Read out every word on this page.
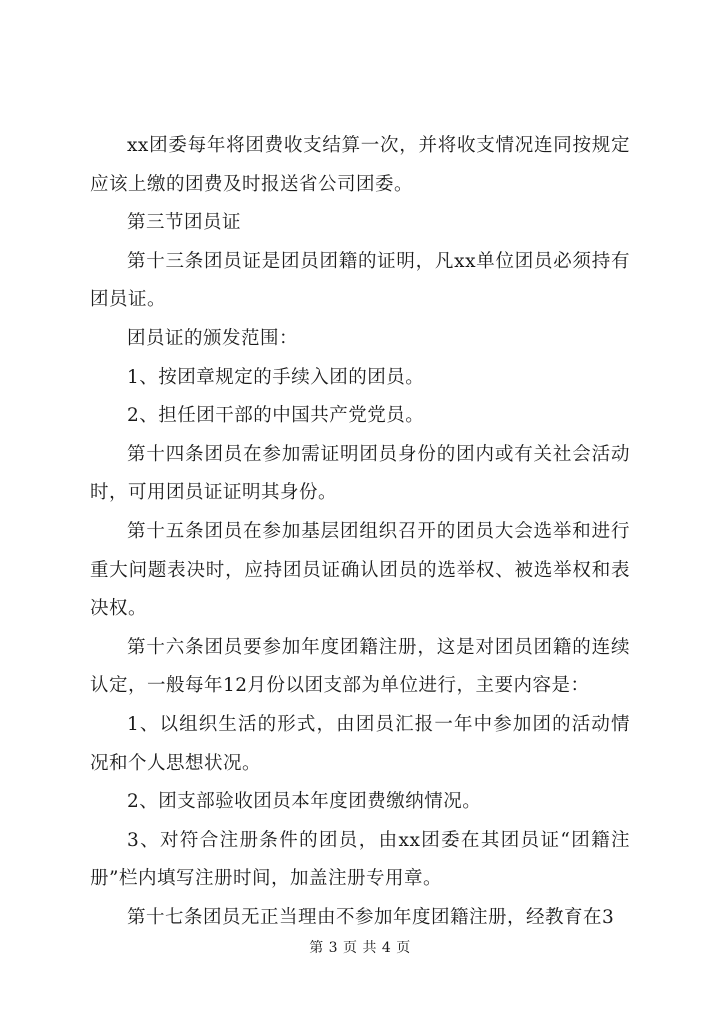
xx团委每年将团费收支结算一次，并将收支情况连同按规定应该上缴的团费及时报送省公司团委。

第三节团员证

第十三条团员证是团员团籍的证明，凡xx单位团员必须持有团员证。

团员证的颁发范围：

1、按团章规定的手续入团的团员。

2、担任团干部的中国共产党党员。

第十四条团员在参加需证明团员身份的团内或有关社会活动时，可用团员证证明其身份。

第十五条团员在参加基层团组织召开的团员大会选举和进行重大问题表决时，应持团员证确认团员的选举权、被选举权和表决权。

第十六条团员要参加年度团籍注册，这是对团员团籍的连续认定，一般每年12月份以团支部为单位进行，主要内容是：

1、以组织生活的形式，由团员汇报一年中参加团的活动情况和个人思想状况。

2、团支部验收团员本年度团费缴纳情况。

3、对符合注册条件的团员，由xx团委在其团员证“团籍注册”栏内填写注册时间，加盖注册专用章。

第十七条团员无正当理由不参加年度团籍注册，经教育在3

第 3 页 共 4 页
